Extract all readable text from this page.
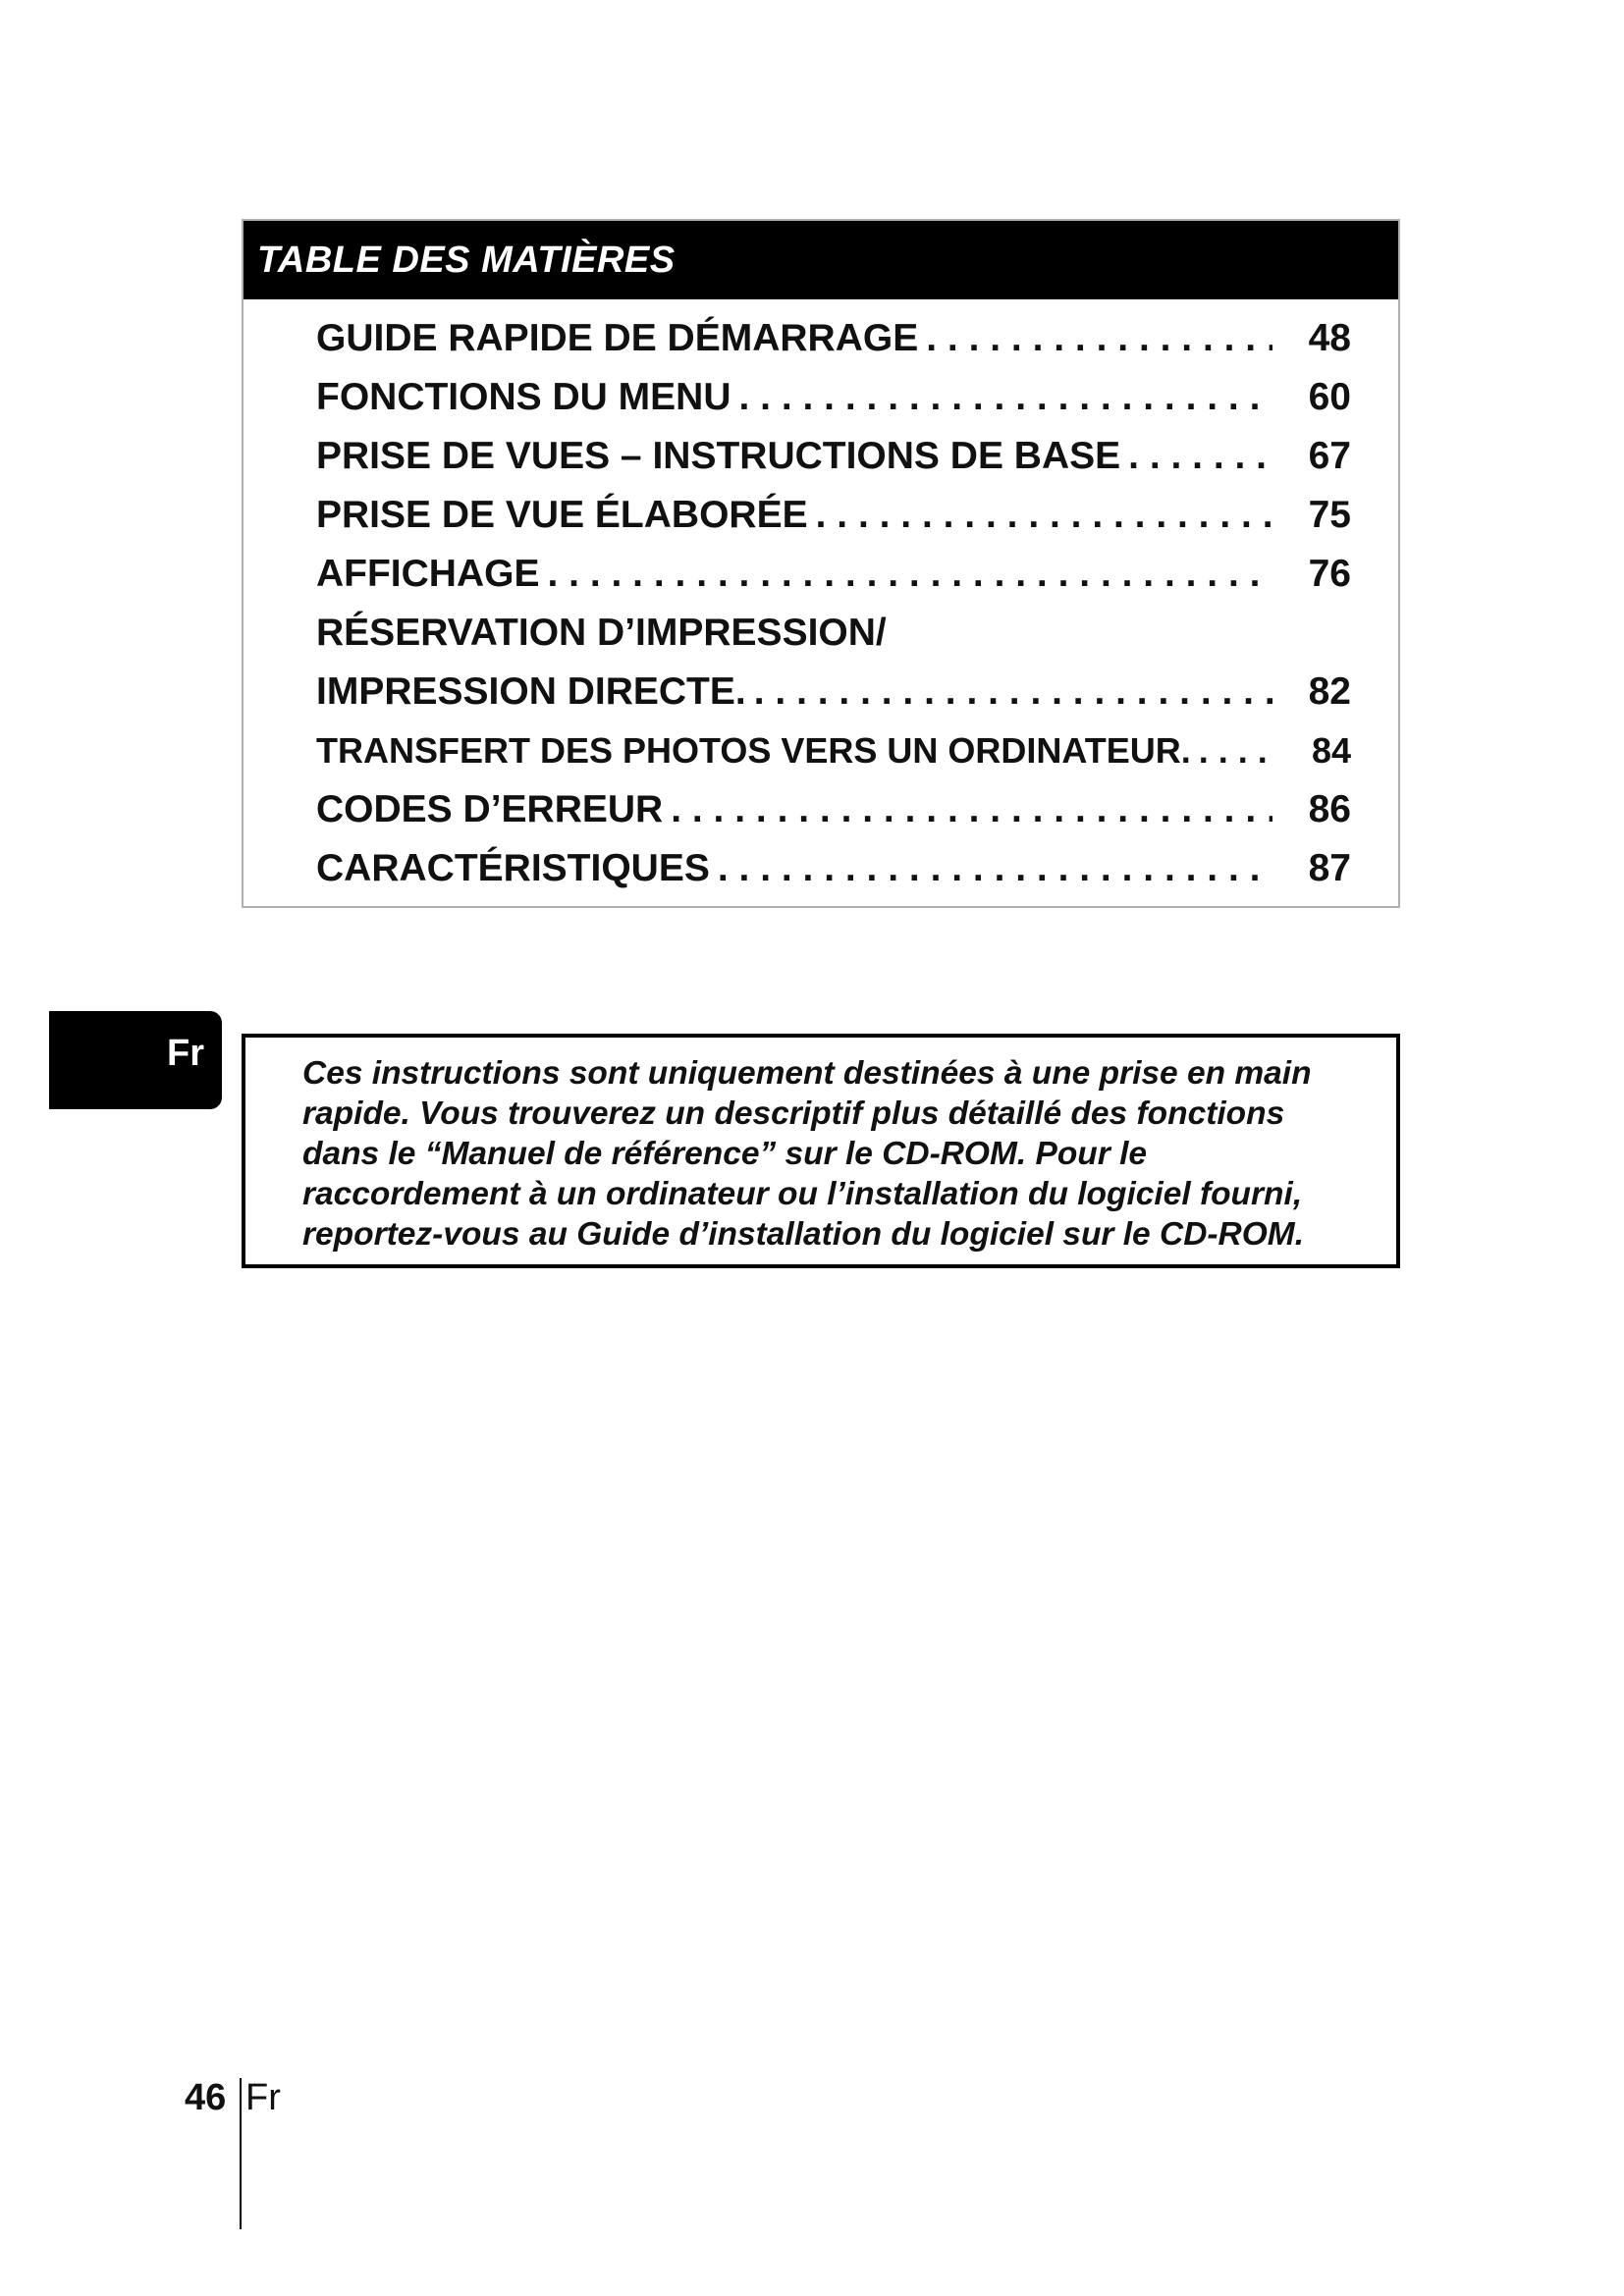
TABLE DES MATIÈRES
GUIDE RAPIDE DE DÉMARRAGE . . .	48
FONCTIONS DU MENU . . .	60
PRISE DE VUES – INSTRUCTIONS DE BASE . . .	67
PRISE DE VUE ÉLABORÉE . . .	75
AFFICHAGE . . .	76
RÉSERVATION D’IMPRESSION/
IMPRESSION DIRECTE. . . .	82
TRANSFERT DES PHOTOS VERS UN ORDINATEUR. . . .	84
CODES D’ERREUR . . .	86
CARACTÉRISTIQUES . . .	87
Fr	Ces instructions sont uniquement destinées à une prise en main
rapide. Vous trouverez un descriptif plus détaillé des fonctions
dans le “Manuel de référence” sur le CD-ROM. Pour le
raccordement à un ordinateur ou l’installation du logiciel fourni,
reportez-vous au Guide d’installation du logiciel sur le CD-ROM.
46 Fr
